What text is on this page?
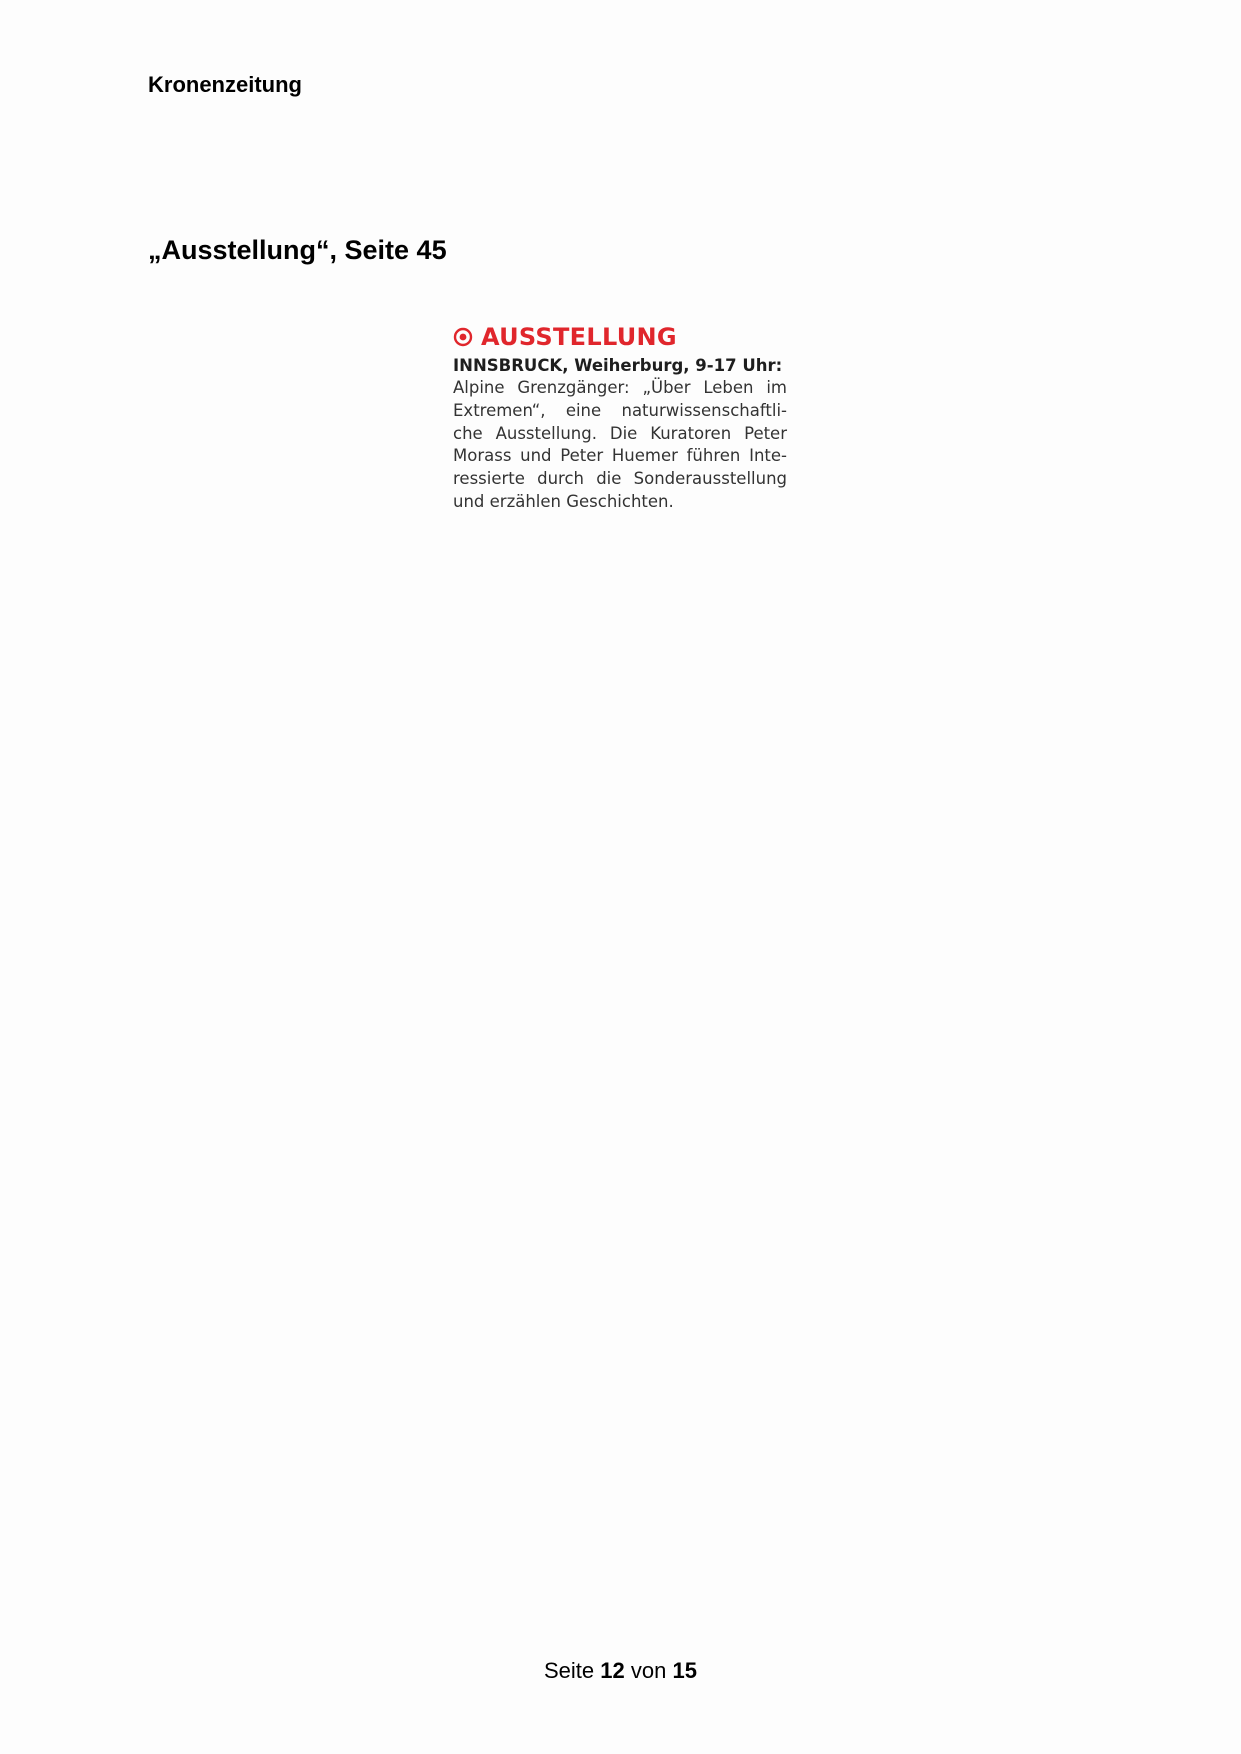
Kronenzeitung

„Ausstellung“, Seite 45
AUSSTELLUNG
INNSBRUCK, Weiherburg, 9-17 Uhr:
Alpine Grenzgänger: „Über Leben im
Extremen“, eine naturwissenschaftli-
che Ausstellung. Die Kuratoren Peter
Morass und Peter Huemer führen Inte-
ressierte durch die Sonderausstellung
und erzählen Geschichten.

Seite 12 von 15
